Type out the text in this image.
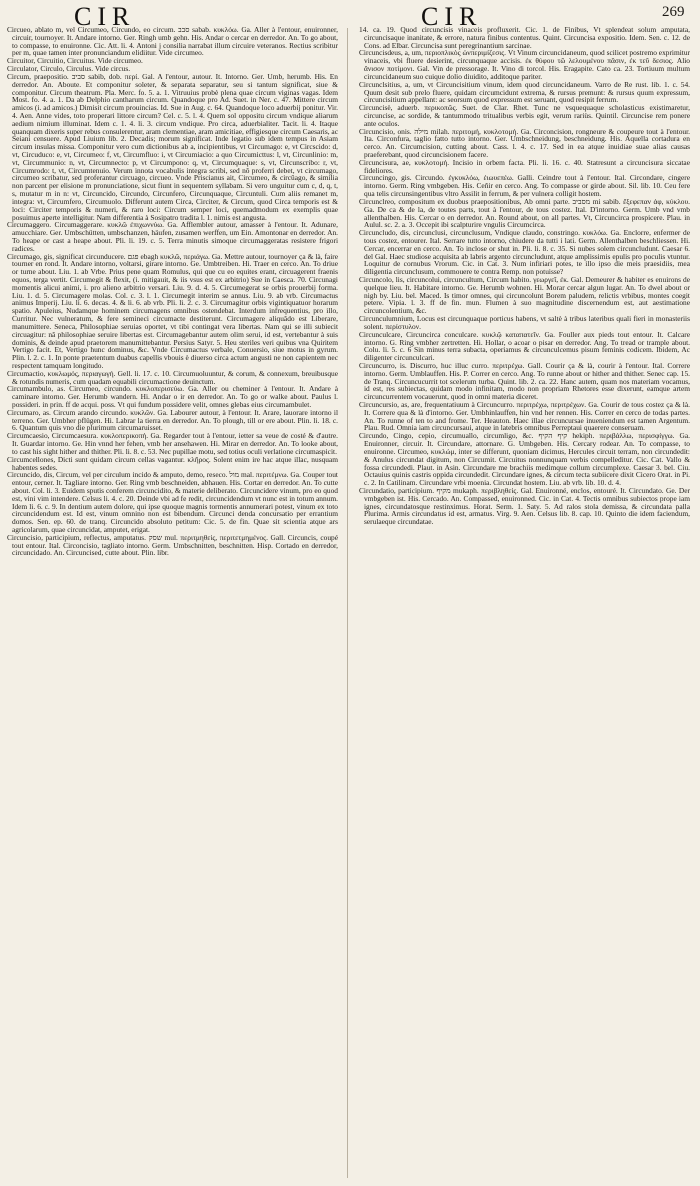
CIR	CIR	269

Circueo, ablato m, vel Circumeo, Circundo, eo circum. סבב sabab. κυκλόω. Ga. Aller à l'entour, enuironner, circuir, tournoyer. It. Andare intorno. Ger. Ringh umb gehn. His. Andar o cercar en derredor. An. To go about, to compasse, to enuironne. Cic. Att. li. 4. Antoni j consilia narrabat illum circuire veteranos. Rectius scribitur per m, quae tamen inter pronunciandum elidiitur. Vide circumeo.

Circuitor, Circuitio, Circuitus. Vide circumeo.

Circulator, Circulo, Circulus. Vide circus.

Circum, praepositio. סביב sabib, dob. περί. Gal. A l'entour, autour. It. Intorno. Ger. Umb, herumb. His. En derredor. An. Aboute. Et componitur soleter, & separata separatur, seu si tantum significat, siue & componitur. Circum theatrum. Pla. Merc. fo. 5. a. 1. Vitruuius probè plena quae circum viginas vagas. Idem Most. fo. 4. a. 1. Da ab Delphio cantharum circum. Quandoque pro Ad. Suet. in Ner. c. 47. Mittere circum amicos (i. ad amicos.) Dimisit circum prouincias. Id. Sue in Aug. c. 64. Quandoque loco aduerbij ponitur. Vir. 4. Aen. Anne vides, toto properari littore circum? Cel. c. 5. l. 4. Quem sol oppositu circum vndique aliarum aedium nimium illuminat. Idem c. 1. 4. li. 3. circum vndique. Pro circa, aduerbialiter. Tacit. li. 4. Itaque quanquam dixeris super rebus consulerentur, aram clementiae, aram amicitiae, effigiesque circum Caesaris, ac Seiani censuere. Apud Liuium lib. 2. Decadis; morum significat. Inde legatio sub idem tempus in Asiam circum insulas missa. Componitur vero cum dictionibus ab a, incipientibus, vt Circumago: e, vt Circscido: d, vt, Circuduco: e, vt, Circumeo: f, vt, Circumfluo: i, vt Circumiacio: a quo Circumicttus: l, vt, Circunlinio: m, vt, Circummunio: n, vt, Circumnecto: p, vt Circumpono: q, vt, Circumquaque: s, vt, Circunscribo: r, vt, Circumrodo: t, vt, Circumtenuio. Verum innota vocabulis integra scribi, sed nô proferri debet, vt circumago, circumeo scribatur, sed proferantur circuago, circueo. Vnde Priscianus ait, Circumeo, & circûago, & similia non parcent per elisione m pronunciatione, sicut fiunt in sequentem syllabam. Si vero unguitur cum c, d, q, t, s, mutatur m in n: vt, Circuncido, Circundo, Circunfero, Circunquaque, Circuntuli. Cum aliis remanet m, integra: vt, Circumfero, Circumuolo. Differunt autem Circa, Circiter, & Circum, quod Circa temporis est & loci: Circiter temporis & numeri, & raro loci: Circum semper loci, quemadmodum ex exemplis quae posuimus aperte intelligitur. Nam differentia à Sosipatro tradita l. 1. nimis est angusta.

Circumaggero. Circumaggerare. κυκλῶ ἐπιχωννύω. Ga. Afflembler autour, amasser à l'entour. It. Adunare, amucchiare. Ger. Umbschütten, umbschanzen, häufen, zusamen werffen, um Ein. Amontonar en derredor. An. To heape or cast a heape about. Pli. li. 19. c. 5. Terra minutis simoque circumaggeratas resistere frigori radices.

Circumago, gis, significat circunducere. פגם ebagh κυκλῶ, περιάγω. Ga. Mettre autour, tournoyer ça & là, faire tourner en rond. It. Andare intorno, voltarsi, girare intorno. Ge. Umbtreiben. Hi. Traer en cerco. An. To driue or turne about. Liu. 1. ab Vrbe. Prius pene quam Romulus, qui que cu eo equites erant, circuagerent fraenis equos, terga vertit. Circumegit & flexit, (i. mitigauit, & iis vsus est ex arbitrio) Sue in Caesca. 70. Circunagi momentis alicui animi, i. pro alieno arbitrio versari. Liu. 9. d. 4. 5. Circumegerat se orbis prouerbij forma. Liu. 1. d. 5. Circumagere molas. Col. c. 3. l. 1. Circumegit interim se annus. Liu. 9. ab vrb. Circumactus animus Imperij. Liu. li. 6. decas. 4. & li. 6. ab vrb. Pli. li. 2. c. 3. Circumagitur orbis vigintiquatuor horarum spatio. Apuleius, Nudamque hominem circumagens omnibus ostendebat. Interdum infrequentius, pro illo, Curritur. Nec vulneratum, & fere semineci circumacte destiterunt. Circumagere aliquâdo est Liberare, manumittere. Seneca, Philosophiae seruias oportet, vt tibi contingat vera libertas. Nam qui se illi subiecit circuagitur: nâ philosophiae seruire libertas est. Circumagebantur autem olim serui, id est, vertebantur à suis dominis, & deinde apud praetorem manumittebantur. Persius Satyr. 5. Heu steriles veri quibus vna Quiritem Vertigo facit. Et, Vertigo hunc dominus, &c. Vnde Circumactus verbale, Conuersio, siue motus in gyrum. Plin. l. 2. c. 1. In ponte praetentum duabus capellis vbouis è diuerso circa actum angusti ne non capientem nec respectent tamquam longitudo.

Circumactio, κυκλωμός, περιαγωγή. Gell. li. 17. c. 10. Circumuoluuntur, & corum, & connexum, breuibusque & rotundis numeris, cum quadam equabili circumactione deuinctum.

Circumambulo, as. Circumeo, circundo. κυκλοπερισεύω. Ga. Aller ou cheminer à l'entour. It. Andare à caminare intorno. Ger. Herumb wandern. Hi. Andar o ir en derredor. An. To go or walke about. Paulus l. possideri. in prin. ff de acqui. poss. Vt qui fundum possidere velit, omnes glebas eius circumambulet.

Circumaro, as. Circum arando circundo. κυκλῶν. Ga. Labourer autour, à l'entour. It. Arare, lauorare intorno il terreno. Ger. Umbher pflügen. Hi. Labrar la tierra en derredor. An. To plough, till or ere about. Plin. li. 18. c. 6. Quantum quis vno die plurimum circumaruisset.

Circumcaesio, Circumcaesura. κυκλοπερικοπή. Ga. Regarder tout à l'entour, ietter sa veue de costé & d'autre. It. Guardar intorno. Ge. Hin vnnd her fehen, vmb her ansehawen. Hi. Mirar en derredor. An. To looke about, to cast his sight hither and thither. Pli. li. 8. c. 53. Nec pupillae motu, sed totius oculi verlatione circumaspicit.

Circumcellones, Dicti sunt quidam circum cellas vagantur. κλῆρος. Solent enim ire hac atque illac, nusquam habentes sedes.

Circuncido, dis, Circum, vel per circulum incido & amputo, demo, reseco. מול mal. περιτέμνω. Ga. Couper tout entour, cerner. It. Tagliare intorno. Ger. Ring vmb beschneiden, abhauen. His. Cortar en derredor. An. To cutte about. Col. li. 3. Euidem sputis conferem circuncidito, & materie deliberato. Circuncidere vinum, pro eo quod est, vini vim intendere. Celsus li. 4. c. 20. Deinde vbi ad fe redit, circuncidendum vt nunc est in totum annum. Idem li. 6. c. 9. In dentium autem dolore, qui ipse quoque magnis tormentis annumerari potest, vinum ex toto circuncidendum est. Id est, vinum omnino non est bibendum. Circunci denda concursatio per errantium domos. Sen. ep. 60. de tranq. Circuncido absoluto petitum: Cic. 5. de fin. Quae sit scientia atque ars agricolarum, quae circuncidat, amputet, erigat.

Circuncisio, participium, reflectus, amputatus. שסק mul. περιτμηθείς, περιτετμημένος. Gall. Circuncis, coupé tout entour. Ital. Circoncisio, tagliato intorno. Germ. Umbschnitten, beschnitten. Hisp. Cortado en derredor, circuncidado. An. Circuncised, cutte about. Plin. libr.

14. ca. 19. Quod circuncisis vinaceis profluxerit. Cic. 1. de Finibus, Vt splendeat solum amputata, circuncisaque inanitate, & errore, natura finibus contentus. Quint. Circuncisa expositio. Idem. Sen. c. 12. de Cons. ad Elbar. Circuncisa sunt peregrinantium sarcinae.

Circuncisdeus, a, um, περιοπλικὸς ὠνπεριμίζεσις. Vt Vinum circuncidaneum, quod scilicet postremo exprimitur vinaceis, vbi fluere desierint, circunquaque accisis. ἐκ θύφου τῶ λελουμένου πᾶσιν, ἐκ τεῦ δεσιος. Alio ἄνισον ποτίμονι. Gal. Vin de pressorage. It. Vino di torcol. His. Eragapite. Cato ca. 23. Tortiuum multum circuncidaneum suo cuique dolio diuidito, additoque pariter.

Circunclsitius, a, um, vt Circuncisitium vinum, idem quod circuncidaneum. Varro de Re rust. lib. 1. c. 54. Quum desit sub prelo fluere, quidam circumcidunt extrema, & rursus premunt: & rursus quum expressum, circuncisitium appellant: ac seorsum quod expressum est seruant, quod resipit ferrum.

Circuncisè, aduerb. περικοπῶς. Suet. de Clar. Rhet. Tunc ne vsquequaque scholasticus existimaretur, circuncise, ac sordide, & tantummodo tritualibus verbis egit, verum rariùs. Quintil. Circuncise rem ponere ante oculos.

Circuncisio, onis. מילה milah. περιτομή, κυκλοτομή. Ga. Circoncision, rongneure & coupeure tout à l'entour. Ita. Circonfura, taglio fatto tutto intorno. Ger. Umbschneidung, beschneidung. His. Aquella cortadura en cerco. An. Circumcision, cutting about. Cass. l. 4. c. 17. Sed in ea atque inuidiae suae alias causas praeferebant, quod circuncisionem facere.

Circuncisura, ae, κυκλοτομή. Incisio in orbem facta. Pli. li. 16. c. 40. Statresunt a circuncisura siccatae fideliores.

Circuncingo, gis. Circundo. ἐγκυκλόω, ἐιωυεπέω. Galli. Ceindre tout à l'entour. Ital. Circondare, cingere intorno. Germ. Ring vmbgeben. His. Ceñir en cerco. Ang. To compasse or girde about. Sil. lib. 10. Ceu fere qua telis circunsingentibus vltro Assilit in ferrum, & per vulnera colligit hostem.

Circunclreo, compositum ex duobus praepositionibus, Ab omni parte. מסביב mi sabib. ἔξεφεπαν ἀφ, κύκλου. Ga. De ca & de la, de toutes parts, tout à l'entour, de tous costez. Ital. D'intorno. Germ. Umb vnd vmb allenthalben. His. Cercar o en derredor. An. Round about, on all partes. Vt, Circuncirca prospicere. Plau. in Aulul. sc. 2. a. 3. Occepit ibi scalpturire vngulis Circumcirca.

Circuncludo, dis, circunclusi, circunclusum, Vndique claudo, constringo. κυκλόω. Ga. Enclorre, enfermer de tous costez, entourer. Ital. Serrare tutto intorno, chiudere da tutti i lati. Germ. Allenthalben beschliessen. Hi. Cercar, encerrar en cerco. An. To inclose or shut in. Pli. li. 8. c. 35. Si nubes solem circuncludunt. Caesar 6. del Gal. Haec studiose acquisita ab labris argento circuncludunt, atque amplissimis epulis pro poculis vtuntur. Loquitur de cornubus Vrorum. Cic. in Cat. 3. Num infiriari potes, te illo ipso die meis praesidiis, mea diligentia circunclusum, commouere te contra Remp. non potuisse?

Circuncolo, lis, circuncolui, circuncultum, Circum habito. γεωργεῖ, ἐκ. Gal. Demeurer & habiter es enuirons de quelque lieu. It. Habitare intorno. Ge. Herumb wohnen. Hi. Morar cercar algun lugar. An. To dwel about or nigh by. Liu. bel. Maced. Is timor omnes, qui circuncolunt Borem paludem, relictis vrbibus, montes coegit petere. Vipia. l. 3. ff de fin. mun. Flumen à suo magnitudine discernendum est, aut aestimatione circuncolentium, &c.

Circunculumnium, Locus est circunquaque porticus habens, vt saltè à tribus lateribus quali fieri in monasteriis solent. περίστυλον.

Circunculcare, Circuncirca conculcare. κυκλῷ καταπατεῖν. Ga. Fouller aux pieds tout entour. It. Calcare intorno. G. Ring vmbher zertretten. Hi. Hollar, o acoar o pisar en derredor. Ang. To tread or trample about. Colu. li. 5. c. 6 Sin minus terra subacta, operiamus & circunculcemus pisum feminis codicem. Ibidem, Ac diligenter circunculcari.

Circuncurro, is. Discurro, huc illuc curro. περιτρέχω. Gall. Courir ça & là, courir à l'entour. Ital. Correre intorno. Germ. Umblauffen. His. P. Correr en cerco. Ang. To runne about or hither and thither. Senec cap. 15. de Tranq. Circuncucurrit tot scelerum turba. Quint. lib. 2. ca. 22. Hanc autem, quam nos materiam vocamus, id est, res subiectas, quidam modo infinitam, modo non propriam Rhetores esse dixerunt, eamque artem circuncurrentem vocauerunt, quod in omni materia diceret.

Circuncursio, as, are, frequentatiuum à Circuncurro. περιτρέχω, περιτρέχων. Ga. Courir de tous costez ça & là. It. Correre qua & là d'intorno. Ger. Umbhinlauffen, hin vnd her rennen. His. Correr en cerco de todas partes. An. To runne of ten to and frome. Ter. Heauton. Haec illae circuncursae inueniendum est tamen Argentum. Plau. Rud. Omnia iam circuncursaui, atque in latebris omnibus Perreptaui quaerere conseruam.

Circundo, Cingo, cepio, circumuallo, circumligo, &c. קיף הקיף hekiph. περιβάλλω, περισφίγγω. Ga. Enuironner, circuir. It. Circundare, attornare. G. Umbgeben. His. Cercary rodear. An. To compasse, to enuironne. Circumeo, κυκλώμ, inter se differunt, quoniam dicimus, Hercules circuit terram, non circundedit: & Anulus circundat digitum, non Circumit. Circuitus nonnunquam verbis compelleditur. Cic. Cat. Vallo & fossa circundedi. Plaut. in Asin. Circundare me brachiis medimque collum circumplexe. Caesar 3. bel. Ciu. Octauius quinis castris oppida circundedit. Circundare ignes, & circum tecta subiicere dixit Cicero Orat. in Pi. c. 2. In Catilinam. Circundare vrbi moenia. Circundat hostem. Liu. ab vrb. lib. 10. d. 4.

Circundatio, participium. מקיף mukaph. περιβληθείς. Gal. Enuironné, enclos, entouré. It. Circundato. Ge. Der vmbgeben ist. His. Cercado. An. Compassed, enuironned. Cic. in Cat. 4. Tectis omnibus subiectos prope iam ignes, circundatosque restinximus. Horat. Serm. 1. Saty. 5. Ad ralos stola demissa, & circundata palla Plurima. Armis circundatus id est, armatus. Virg. 9. Aen. Celsus lib. 8. cap. 10. Quinto die idem faciendum, serulaeque circundatae.
